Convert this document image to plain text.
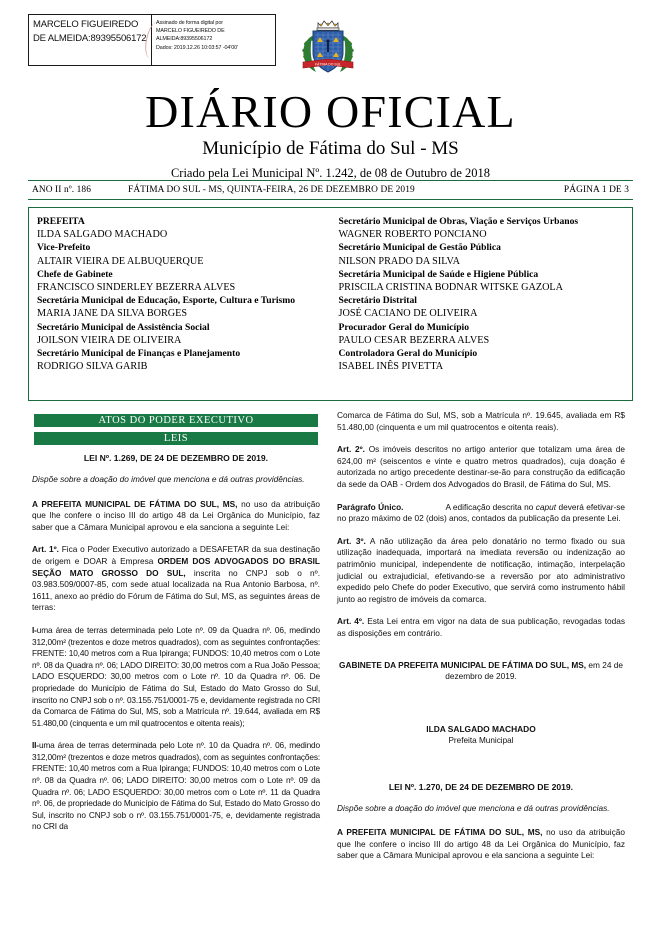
MARCELO FIGUEIREDO DE ALMEIDA:89395506172
Assinado de forma digital por
MARCELO FIGUEIREDO DE
ALMEIDA:89395506172
Dados: 2019.12.26 10:03:57 -04'00'
FÁTIMA DO SUL
DIÁRIO OFICIAL
Município de Fátima do Sul - MS
Criado pela Lei Municipal Nº. 1.242, de 08 de Outubro de 2018
ANO II nº. 186	FÁTIMA DO SUL - MS, QUINTA-FEIRA, 26 DE DEZEMBRO DE 2019	PÁGINA 1 DE 3
PREFEITA
ILDA SALGADO MACHADO
Vice-Prefeito
ALTAIR VIEIRA DE ALBUQUERQUE
Chefe de Gabinete
FRANCISCO SINDERLEY BEZERRA ALVES
Secretária Municipal de Educação, Esporte, Cultura e Turismo
MARIA JANE DA SILVA BORGES
Secretário Municipal de Assistência Social
JOILSON VIEIRA DE OLIVEIRA
Secretário Municipal de Finanças e Planejamento
RODRIGO SILVA GARIB
Secretário Municipal de Obras, Viação e Serviços Urbanos
WAGNER ROBERTO PONCIANO
Secretário Municipal de Gestão Pública
NILSON PRADO DA SILVA
Secretária Municipal de Saúde e Higiene Pública
PRISCILA CRISTINA BODNAR WITSKE GAZOLA
Secretário Distrital
JOSÉ CACIANO DE OLIVEIRA
Procurador Geral do Município
PAULO CESAR BEZERRA ALVES
Controladora Geral do Município
ISABEL INÊS PIVETTA
ATOS DO PODER EXECUTIVO
LEIS
LEI Nº. 1.269, DE 24 DE DEZEMBRO DE 2019.
Dispõe sobre a doação do imóvel que menciona e dá outras providências.
A PREFEITA MUNICIPAL DE FÁTIMA DO SUL, MS, no uso da atribuição que lhe confere o inciso III do artigo 48 da Lei Orgânica do Município, faz saber que a Câmara Municipal aprovou e ela sanciona a seguinte Lei:
Art. 1º. Fica o Poder Executivo autorizado a DESAFETAR da sua destinação de origem e DOAR à Empresa ORDEM DOS ADVOGADOS DO BRASIL SEÇÃO MATO GROSSO DO SUL, inscrita no CNPJ sob o nº. 03.983.509/0007-85, com sede atual localizada na Rua Antonio Barbosa, nº. 1611, anexo ao prédio do Fórum de Fátima do Sul, MS, as seguintes áreas de terras:
I-uma área de terras determinada pelo Lote nº. 09 da Quadra nº. 06, medindo 312,00m² (trezentos e doze metros quadrados), com as seguintes confrontações: FRENTE: 10,40 metros com a Rua Ipiranga; FUNDOS: 10,40 metros com o Lote nº. 08 da Quadra nº. 06; LADO DIREITO: 30,00 metros com a Rua João Pessoa; LADO ESQUERDO: 30,00 metros com o Lote nº. 10 da Quadra nº. 06. De propriedade do Município de Fátima do Sul, Estado do Mato Grosso do Sul, inscrito no CNPJ sob o nº. 03.155.751/0001-75 e, devidamente registrada no CRI da Comarca de Fátima do Sul, MS, sob a Matrícula nº. 19.644, avaliada em R$ 51.480,00 (cinquenta e um mil quatrocentos e oitenta reais);
II-uma área de terras determinada pelo Lote nº. 10 da Quadra nº. 06, medindo 312,00m² (trezentos e doze metros quadrados), com as seguintes confrontações: FRENTE: 10,40 metros com a Rua Ipiranga; FUNDOS: 10,40 metros com o Lote nº. 08 da Quadra nº. 06; LADO DIREITO: 30,00 metros com o Lote nº. 09 da Quadra nº. 06; LADO ESQUERDO: 30,00 metros com o Lote nº. 11 da Quadra nº. 06, de propriedade do Município de Fátima do Sul, Estado do Mato Grosso do Sul, inscrito no CNPJ sob o nº. 03.155.751/0001-75, e, devidamente registrada no CRI da
Comarca de Fátima do Sul, MS, sob a Matrícula nº. 19.645, avaliada em R$ 51.480,00 (cinquenta e um mil quatrocentos e oitenta reais).
Art. 2º. Os imóveis descritos no artigo anterior que totalizam uma área de 624,00 m² (seiscentos e vinte e quatro metros quadrados), cuja doação é autorizada no artigo precedente destinar-se-ão para construção da edificação da sede da OAB - Ordem dos Advogados do Brasil, de Fátima do Sul, MS.
Parágrafo Único.	A edificação descrita no caput deverá efetivar-se no prazo máximo de 02 (dois) anos, contados da publicação da presente Lei.
Art. 3º. A não utilização da área pelo donatário no termo fixado ou sua utilização inadequada, importará na imediata reversão ou indenização ao patrimônio municipal, independente de notificação, intimação, interpelação judicial ou extrajudicial, efetivando-se a reversão por ato administrativo expedido pelo Chefe do poder Executivo, que servirá como instrumento hábil junto ao registro de imóveis da comarca.
Art. 4º. Esta Lei entra em vigor na data de sua publicação, revogadas todas as disposições em contrário.
GABINETE DA PREFEITA MUNICIPAL DE FÁTIMA DO SUL, MS, em 24 de dezembro de 2019.
ILDA SALGADO MACHADO
Prefeita Municipal
LEI Nº. 1.270, DE 24 DE DEZEMBRO DE 2019.
Dispõe sobre a doação do imóvel que menciona e dá outras providências.
A PREFEITA MUNICIPAL DE FÁTIMA DO SUL, MS, no uso da atribuição que lhe confere o inciso III do artigo 48 da Lei Orgânica do Município, faz saber que a Câmara Municipal aprovou e ela sanciona a seguinte Lei:
